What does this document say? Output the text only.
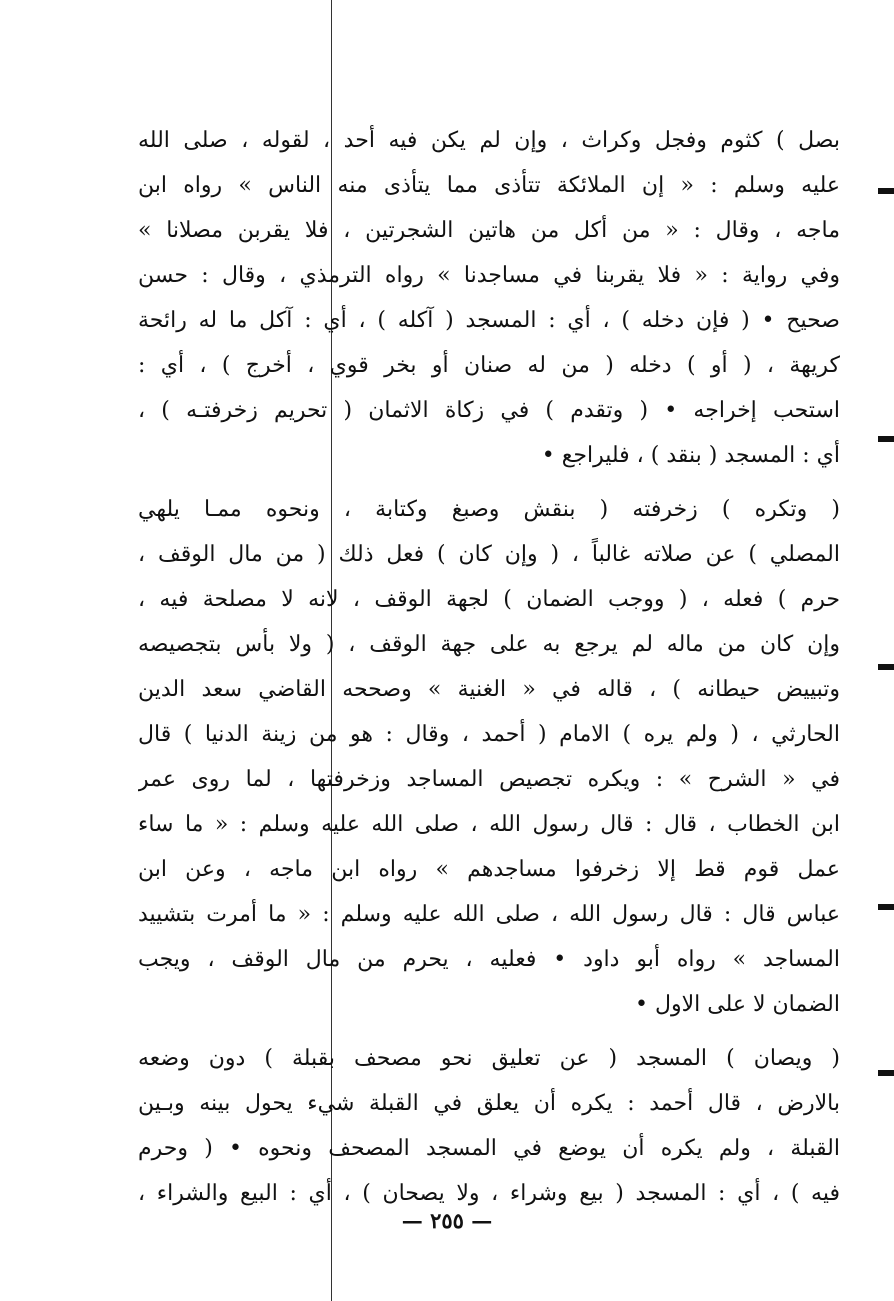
بصل ) كثوم وفجل وكراث ، وإن لم يكن فيه أحد ، لقوله ، صلى الله
عليه وسلم : « إن الملائكة تتأذى مما يتأذى منه الناس » رواه ابن
ماجه ، وقال : « من أكل من هاتين الشجرتين ، فلا يقربن مصلانا »
وفي رواية : « فلا يقربنا في مساجدنا » رواه الترمذي ، وقال : حسن
صحيح • ( فإن دخله ) ، أي : المسجد ( آكله ) ، أي : آكل ما له رائحة
كريهة ، ( أو ) دخله ( من له صنان أو بخر قوي ، أخرج ) ، أي :
استحب إخراجه • ( وتقدم ) في زكاة الاثمان ( تحريم زخرفتـه ) ،
أي : المسجد ( بنقد ) ، فليراجع •
( وتكره ) زخرفته ( بنقش وصبغ وكتابة ، ونحوه ممـا يلهي
المصلي ) عن صلاته غالباً ، ( وإن كان ) فعل ذلك ( من مال الوقف ،
حرم ) فعله ، ( ووجب الضمان ) لجهة الوقف ، لانه لا مصلحة فيه ،
وإن كان من ماله لم يرجع به على جهة الوقف ، ( ولا بأس بتجصيصه
وتبييض حيطانه ) ، قاله في « الغنية » وصححه القاضي سعد الدين
الحارثي ، ( ولم يره ) الامام ( أحمد ، وقال : هو من زينة الدنيا ) قال
في « الشرح » : ويكره تجصيص المساجد وزخرفتها ، لما روى عمر
ابن الخطاب ، قال : قال رسول الله ، صلى الله عليه وسلم : « ما ساء
عمل قوم قط إلا زخرفوا مساجدهم » رواه ابن ماجه ، وعن ابن
عباس قال : قال رسول الله ، صلى الله عليه وسلم : « ما أمرت بتشييد
المساجد » رواه أبو داود • فعليه ، يحرم من مال الوقف ، ويجب
الضمان لا على الاول •
( ويصان ) المسجد ( عن تعليق نحو مصحف بقبلة ) دون وضعه
بالارض ، قال أحمد : يكره أن يعلق في القبلة شيء يحول بينه وبـين
القبلة ، ولم يكره أن يوضع في المسجد المصحف ونحوه • ( وحرم
فيه ) ، أي : المسجد ( بيع وشراء ، ولا يصحان ) ، أي : البيع والشراء ،
— ٢٥٥ —
